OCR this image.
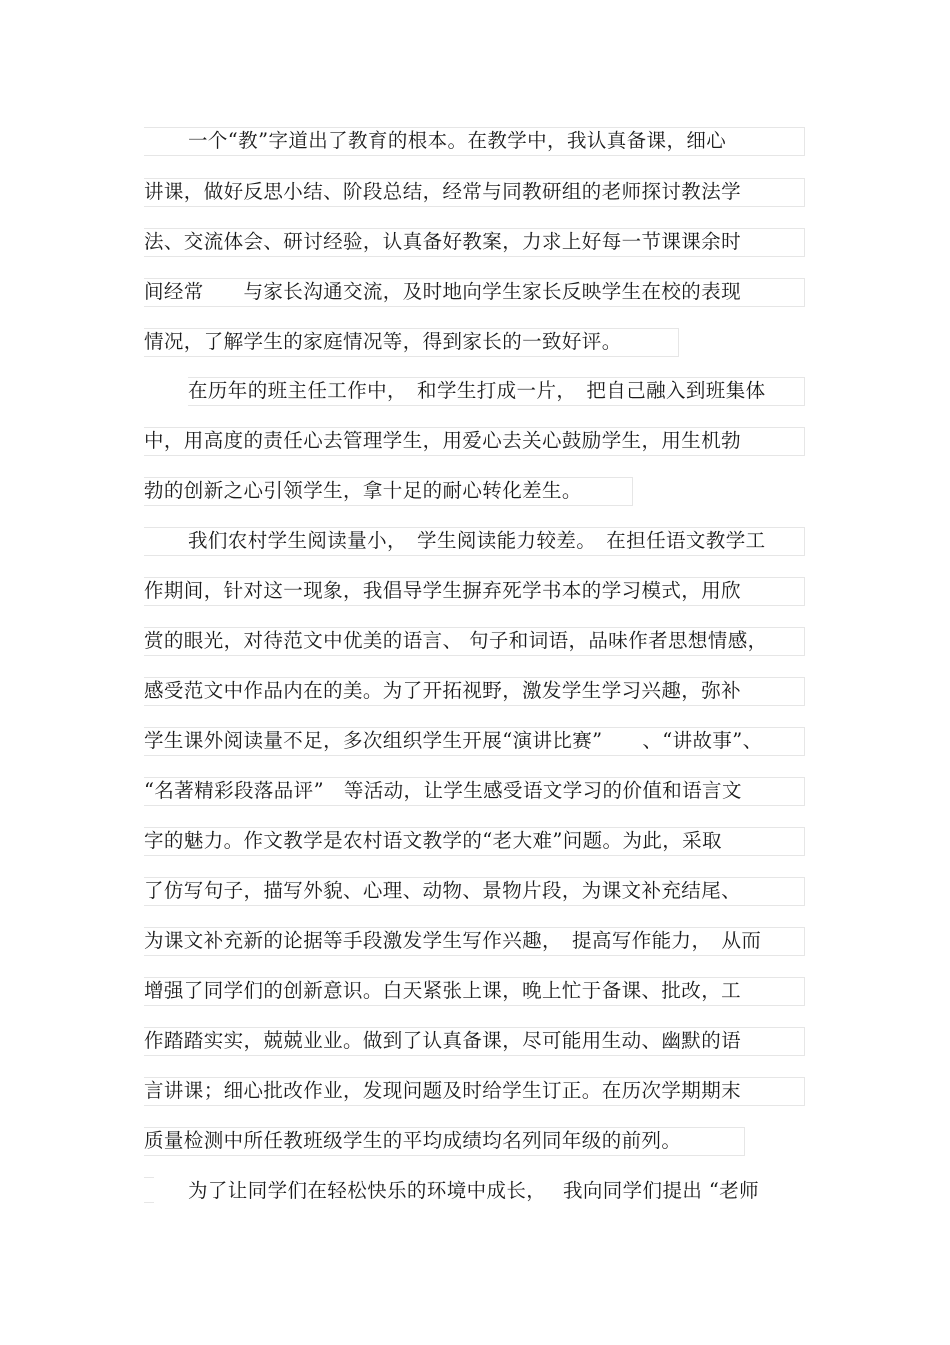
一个“教”字道出了教育的根本。在教学中，我认真备课，细心
讲课，做好反思小结、阶段总结，经常与同教研组的老师探讨教法学
法、交流体会、研讨经验，认真备好教案，力求上好每一节课课余时
间经常　　与家长沟通交流，及时地向学生家长反映学生在校的表现
情况，了解学生的家庭情况等，得到家长的一致好评。
在历年的班主任工作中，　和学生打成一片，　把自己融入到班集体
中，用高度的责任心去管理学生，用爱心去关心鼓励学生，用生机勃
勃的创新之心引领学生，拿十足的耐心转化差生。
我们农村学生阅读量小，　学生阅读能力较差。　在担任语文教学工
作期间，针对这一现象，我倡导学生摒弃死学书本的学习模式，用欣
赏的眼光，对待范文中优美的语言、 句子和词语，品味作者思想情感，
感受范文中作品内在的美。为了开拓视野，激发学生学习兴趣，弥补
学生课外阅读量不足，多次组织学生开展“演讲比赛”　　、“讲故事”、
“名著精彩段落品评”　等活动，让学生感受语文学习的价值和语言文
字的魅力。作文教学是农村语文教学的“老大难”问题。为此，采取
了仿写句子，描写外貌、心理、动物、景物片段，为课文补充结尾、
为课文补充新的论据等手段激发学生写作兴趣，　提高写作能力，　从而
增强了同学们的创新意识。白天紧张上课，晚上忙于备课、批改，工
作踏踏实实，兢兢业业。做到了认真备课，尽可能用生动、幽默的语
言讲课；细心批改作业，发现问题及时给学生订正。在历次学期期末
质量检测中所任教班级学生的平均成绩均名列同年级的前列。
为了让同学们在轻松快乐的环境中成长，　 我向同学们提出 “老师
